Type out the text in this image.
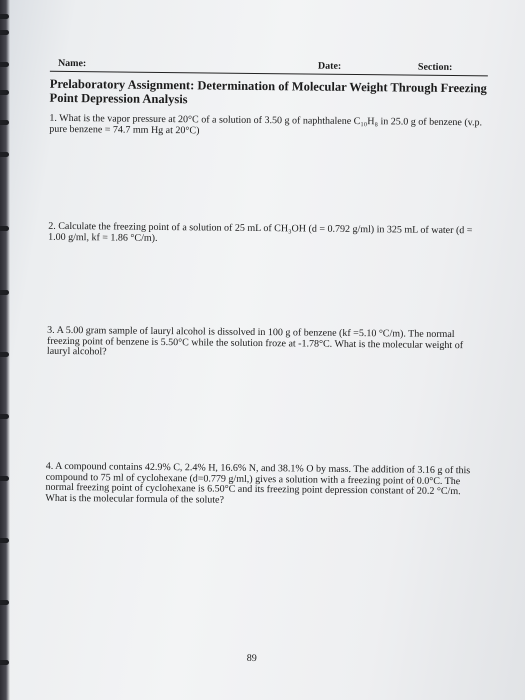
Name:	Date:	Section:

Prelaboratory Assignment: Determination of Molecular Weight Through Freezing Point Depression Analysis

1. What is the vapor pressure at 20°C of a solution of 3.50 g of naphthalene C₁₀H₈ in 25.0 g of benzene (v.p. pure benzene = 74.7 mm Hg at 20°C)

2. Calculate the freezing point of a solution of 25 mL of CH₃OH (d = 0.792 g/ml) in 325 mL of water (d = 1.00 g/ml, kf = 1.86 °C/m).

3. A 5.00 gram sample of lauryl alcohol is dissolved in 100 g of benzene (kf =5.10 °C/m). The normal freezing point of benzene is 5.50°C while the solution froze at -1.78°C. What is the molecular weight of lauryl alcohol?

4. A compound contains 42.9% C, 2.4% H, 16.6% N, and 38.1% O by mass. The addition of 3.16 g of this compound to 75 ml of cyclohexane (d=0.779 g/ml,) gives a solution with a freezing point of 0.0°C. The normal freezing point of cyclohexane is 6.50°C and its freezing point depression constant of 20.2 °C/m. What is the molecular formula of the solute?

89
